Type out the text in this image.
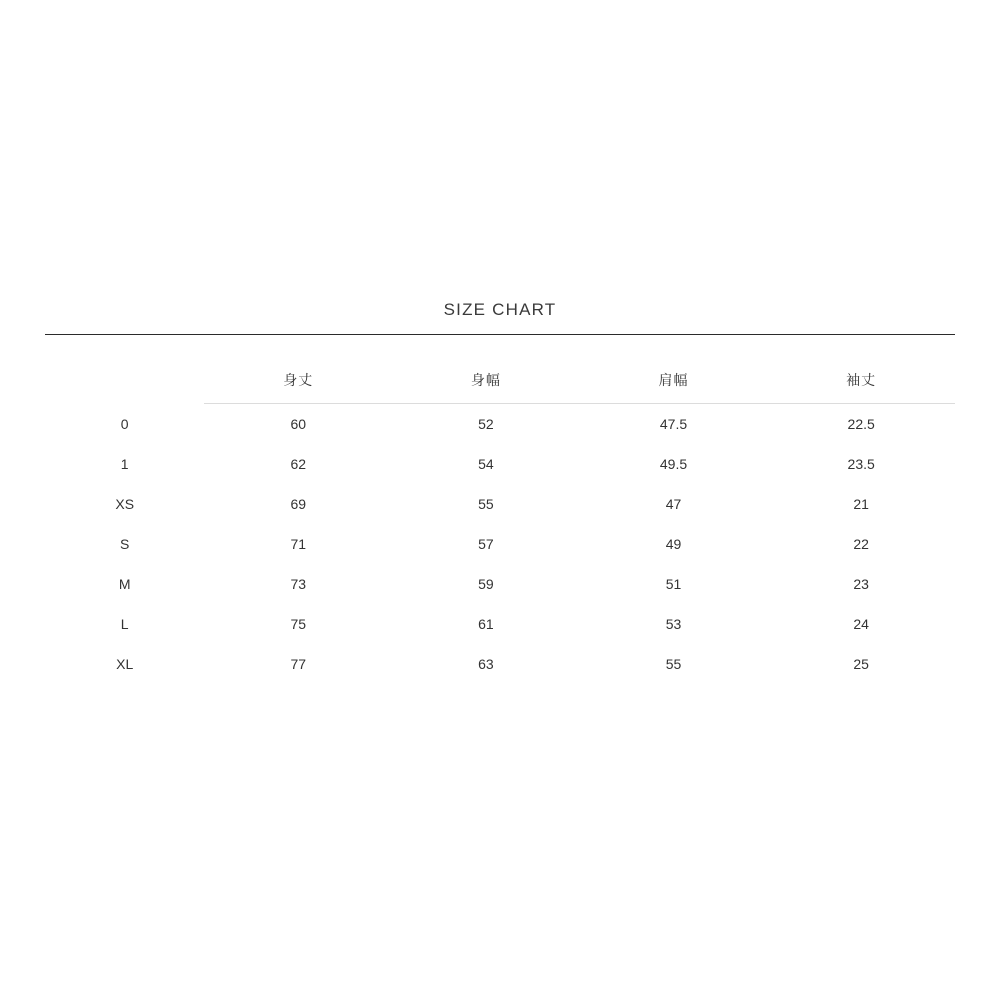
SIZE CHART
	身丈	身幅	肩幅	袖丈
0	60	52	47.5	22.5
1	62	54	49.5	23.5
XS	69	55	47	21
S	71	57	49	22
M	73	59	51	23
L	75	61	53	24
XL	77	63	55	25
